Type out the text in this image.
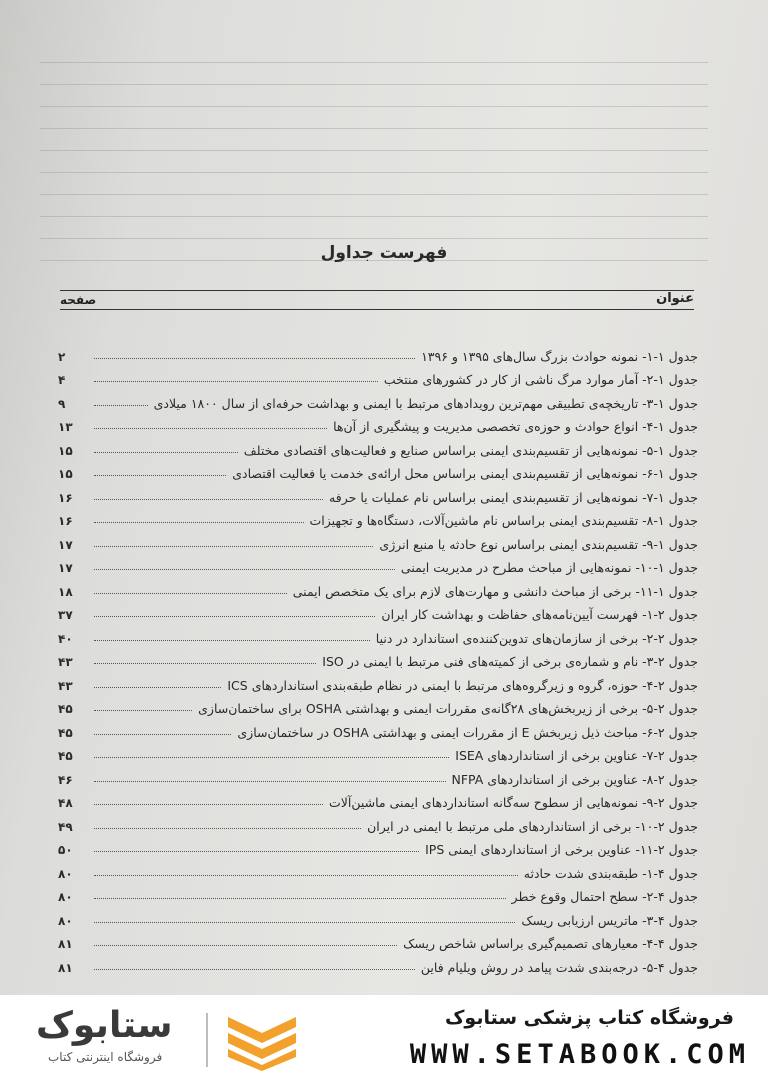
فهرست جداول
عنوان
صفحه
جدول ۱-۱- نمونه حوادث بزرگ سال‌های ۱۳۹۵ و ۱۳۹۶
۲
جدول ۱-۲- آمار موارد مرگ ناشی از کار در کشورهای منتخب
۴
جدول ۱-۳- تاریخچه‌ی تطبیقی مهم‌ترین رویدادهای مرتبط با ایمنی و بهداشت حرفه‌ای از سال ۱۸۰۰ میلادی
۹
جدول ۱-۴- انواع حوادث و حوزه‌ی تخصصی مدیریت و پیشگیری از آن‌ها
۱۳
جدول ۱-۵- نمونه‌هایی از تقسیم‌بندی ایمنی براساس صنایع و فعالیت‌های اقتصادی مختلف
۱۵
جدول ۱-۶- نمونه‌هایی از تقسیم‌بندی ایمنی براساس محل ارائه‌ی خدمت یا فعالیت اقتصادی
۱۵
جدول ۱-۷- نمونه‌هایی از تقسیم‌بندی ایمنی براساس نام عملیات یا حرفه
۱۶
جدول ۱-۸- تقسیم‌بندی ایمنی براساس نام ماشین‌آلات، دستگاه‌ها و تجهیزات
۱۶
جدول ۱-۹- تقسیم‌بندی ایمنی براساس نوع حادثه یا منبع انرژی
۱۷
جدول ۱-۱۰- نمونه‌هایی از مباحث مطرح در مدیریت ایمنی
۱۷
جدول ۱-۱۱- برخی از مباحث دانشی و مهارت‌های لازم برای یک متخصص ایمنی
۱۸
جدول ۲-۱- فهرست آیین‌نامه‌های حفاظت و بهداشت کار ایران
۳۷
جدول ۲-۲- برخی از سازمان‌های تدوین‌کننده‌ی استاندارد در دنیا
۴۰
جدول ۲-۳- نام و شماره‌ی برخی از کمیته‌های فنی مرتبط با ایمنی در ISO
۴۳
جدول ۲-۴- حوزه، گروه و زیرگروه‌های مرتبط با ایمنی در نظام طبقه‌بندی استانداردهای ICS
۴۳
جدول ۲-۵- برخی از زیربخش‌های ۲۸گانه‌ی مقررات ایمنی و بهداشتی OSHA برای ساختمان‌سازی
۴۵
جدول ۲-۶- مباحث ذیل زیربخش E از مقررات ایمنی و بهداشتی OSHA در ساختمان‌سازی
۴۵
جدول ۲-۷- عناوین برخی از استانداردهای ISEA
۴۵
جدول ۲-۸- عناوین برخی از استانداردهای NFPA
۴۶
جدول ۲-۹- نمونه‌هایی از سطوح سه‌گانه استانداردهای ایمنی ماشین‌آلات
۴۸
جدول ۲-۱۰- برخی از استانداردهای ملی مرتبط با ایمنی در ایران
۴۹
جدول ۲-۱۱- عناوین برخی از استانداردهای ایمنی IPS
۵۰
جدول ۴-۱- طبقه‌بندی شدت حادثه
۸۰
جدول ۴-۲- سطح احتمال وقوع خطر
۸۰
جدول ۴-۳- ماتریس ارزیابی ریسک
۸۰
جدول ۴-۴- معیارهای تصمیم‌گیری براساس شاخص ریسک
۸۱
جدول ۴-۵- درجه‌بندی شدت پیامد در روش ویلیام فاین
۸۱
فروشگاه کتاب پزشکی ستابوک
WWW.SETABOOK.COM
ستابوک
فروشگاه اینترنتی کتاب
